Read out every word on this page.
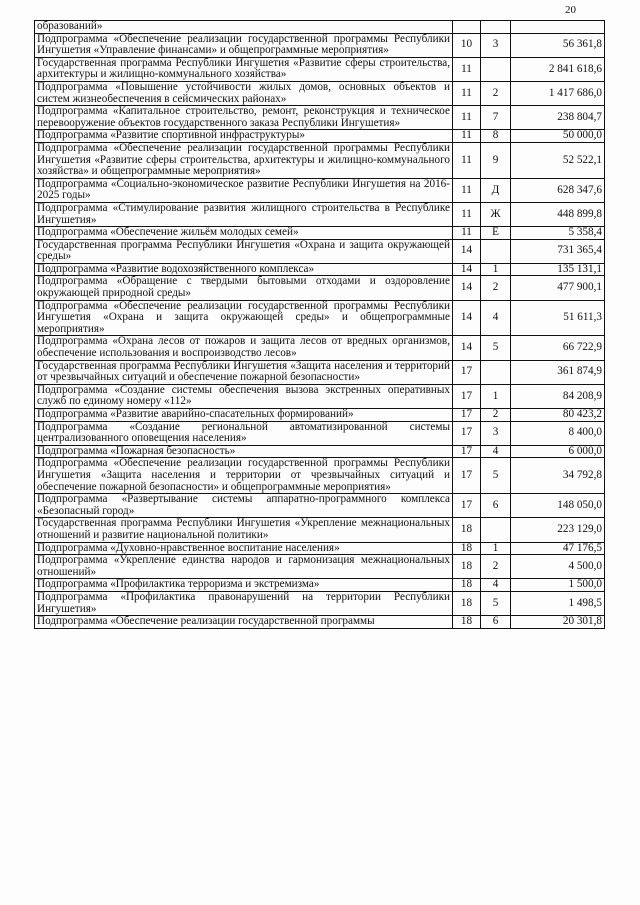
20
образований»			
Подпрограмма «Обеспечение реализации государственной программы Республики Ингушетия «Управление финансами» и общепрограммные мероприятия»	10	3	56 361,8
Государственная программа Республики Ингушетия «Развитие сферы строительства, архитектуры и жилищно-коммунального хозяйства»	11		2 841 618,6
Подпрограмма «Повышение устойчивости жилых домов, основных объектов и систем жизнеобеспечения в сейсмических районах»	11	2	1 417 686,0
Подпрограмма «Капитальное строительство, ремонт, реконструкция и техническое перевооружение объектов государственного заказа Республики Ингушетия»	11	7	238 804,7
Подпрограмма «Развитие спортивной инфраструктуры»	11	8	50 000,0
Подпрограмма «Обеспечение реализации государственной программы Республики Ингушетия «Развитие сферы строительства, архитектуры и жилищно-коммунального хозяйства» и общепрограммные мероприятия»	11	9	52 522,1
Подпрограмма «Социально-экономическое развитие Республики Ингушетия на 2016-2025 годы»	11	Д	628 347,6
Подпрограмма «Стимулирование развития жилищного строительства в Республике Ингушетия»	11	Ж	448 899,8
Подпрограмма «Обеспечение жильём молодых семей»	11	Е	5 358,4
Государственная программа Республики Ингушетия «Охрана и защита окружающей среды»	14		731 365,4
Подпрограмма «Развитие водохозяйственного комплекса»	14	1	135 131,1
Подпрограмма «Обращение с твердыми бытовыми отходами и оздоровление окружающей природной среды»	14	2	477 900,1
Подпрограмма «Обеспечение реализации государственной программы Республики Ингушетия «Охрана и защита окружающей среды» и общепрограммные мероприятия»	14	4	51 611,3
Подпрограмма «Охрана лесов от пожаров и защита лесов от вредных организмов, обеспечение использования и воспроизводство лесов»	14	5	66 722,9
Государственная программа Республики Ингушетия «Защита населения и территорий от чрезвычайных ситуаций и обеспечение пожарной безопасности»	17		361 874,9
Подпрограмма «Создание системы обеспечения вызова экстренных оперативных служб по единому номеру «112»	17	1	84 208,9
Подпрограмма «Развитие аварийно-спасательных формирований»	17	2	80 423,2
Подпрограмма «Создание региональной автоматизированной системы централизованного оповещения населения»	17	3	8 400,0
Подпрограмма «Пожарная безопасность»	17	4	6 000,0
Подпрограмма «Обеспечение реализации государственной программы Республики Ингушетия «Защита населения и территории от чрезвычайных ситуаций и обеспечение пожарной безопасности» и общепрограммные мероприятия»	17	5	34 792,8
Подпрограмма «Развертывание системы аппаратно-программного комплекса «Безопасный город»	17	6	148 050,0
Государственная программа Республики Ингушетия «Укрепление межнациональных отношений и развитие национальной политики»	18		223 129,0
Подпрограмма «Духовно-нравственное воспитание населения»	18	1	47 176,5
Подпрограмма «Укрепление единства народов и гармонизация межнациональных отношений»	18	2	4 500,0
Подпрограмма «Профилактика терроризма и экстремизма»	18	4	1 500,0
Подпрограмма «Профилактика правонарушений на территории Республики Ингушетия»	18	5	1 498,5
Подпрограмма «Обеспечение реализации государственной программы	18	6	20 301,8
